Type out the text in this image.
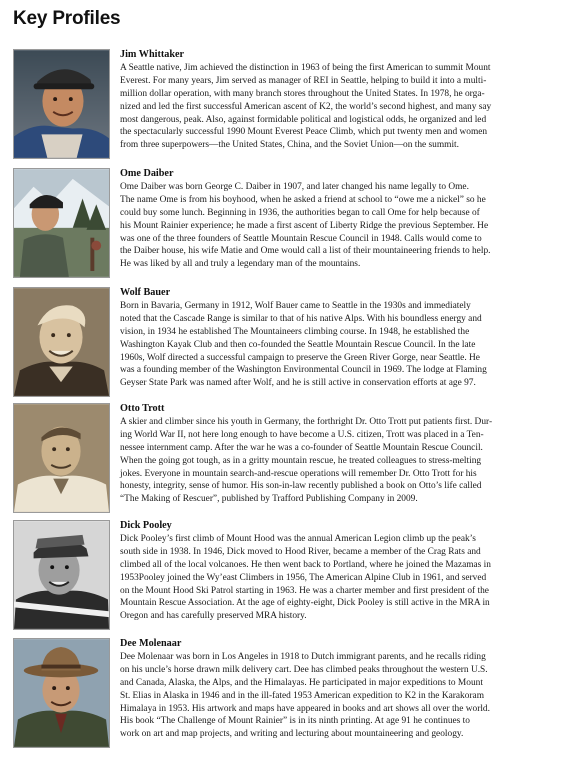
Key Profiles
Jim Whittaker
A Seattle native, Jim achieved the distinction in 1963 of being the first American to summit Mount
Everest. For many years, Jim served as manager of REI in Seattle, helping to build it into a multi-
million dollar operation, with many branch stores throughout the United States. In 1978, he orga-
nized and led the first successful American ascent of K2, the world’s second highest, and many say
most dangerous, peak. Also, against formidable political and logistical odds, he organized and led
the spectacularly successful 1990 Mount Everest Peace Climb, which put twenty men and women
from three superpowers—the United States, China, and the Soviet Union—on the summit.
Ome Daiber
Ome Daiber was born George C. Daiber in 1907, and later changed his name legally to Ome.
The name Ome is from his boyhood, when he asked a friend at school to “owe me a nickel” so he
could buy some lunch. Beginning in 1936, the authorities began to call Ome for help because of
his Mount Rainier experience; he made a first ascent of Liberty Ridge the previous September. He
was one of the three founders of Seattle Mountain Rescue Council in 1948. Calls would come to
the Daiber house, his wife Matie and Ome would call a list of their mountaineering friends to help.
He was liked by all and truly a legendary man of the mountains.
Wolf Bauer
Born in Bavaria, Germany in 1912, Wolf Bauer came to Seattle in the 1930s and immediately
noted that the Cascade Range is similar to that of his native Alps. With his boundless energy and
vision, in 1934 he established The Mountaineers climbing course. In 1948, he established the
Washington Kayak Club and then co-founded the Seattle Mountain Rescue Council. In the late
1960s, Wolf directed a successful campaign to preserve the Green River Gorge, near Seattle. He
was a founding member of the Washington Environmental Council in 1969. The lodge at Flaming
Geyser State Park was named after Wolf, and he is still active in conservation efforts at age 97.
Otto Trott
A skier and climber since his youth in Germany, the forthright Dr. Otto Trott put patients first. Dur-
ing World War II, not here long enough to have become a U.S. citizen, Trott was placed in a Ten-
nessee internment camp. After the war he was a co-founder of Seattle Mountain Rescue Council.
When the going got tough, as in a gritty mountain rescue, he treated colleagues to stress-melting
jokes. Everyone in mountain search-and-rescue operations will remember Dr. Otto Trott for his
honesty, integrity, sense of humor. His son-in-law recently published a book on Otto’s life called
“The Making of Rescuer”, published by Trafford Publishing Company in 2009.
Dick Pooley
Dick Pooley’s first climb of Mount Hood was the annual American Legion climb up the peak’s
south side in 1938. In 1946, Dick moved to Hood River, became a member of the Crag Rats and
climbed all of the local volcanoes. He then went back to Portland, where he joined the Mazamas in
1953Pooley joined the Wy’east Climbers in 1956, The American Alpine Club in 1961, and served
on the Mount Hood Ski Patrol starting in 1963. He was a charter member and first president of the
Mountain Rescue Association. At the age of eighty-eight, Dick Pooley is still active in the MRA in
Oregon and has carefully preserved MRA history.
Dee Molenaar
Dee Molenaar was born in Los Angeles in 1918 to Dutch immigrant parents, and he recalls riding
on his uncle’s horse drawn milk delivery cart. Dee has climbed peaks throughout the western U.S.
and Canada, Alaska, the Alps, and the Himalayas. He participated in major expeditions to Mount
St. Elias in Alaska in 1946 and in the ill-fated 1953 American expedition to K2 in the Karakoram
Himalaya in 1953. His artwork and maps have appeared in books and art shows all over the world.
His book “The Challenge of Mount Rainier” is in its ninth printing. At age 91 he continues to
work on art and map projects, and writing and lecturing about mountaineering and geology.
